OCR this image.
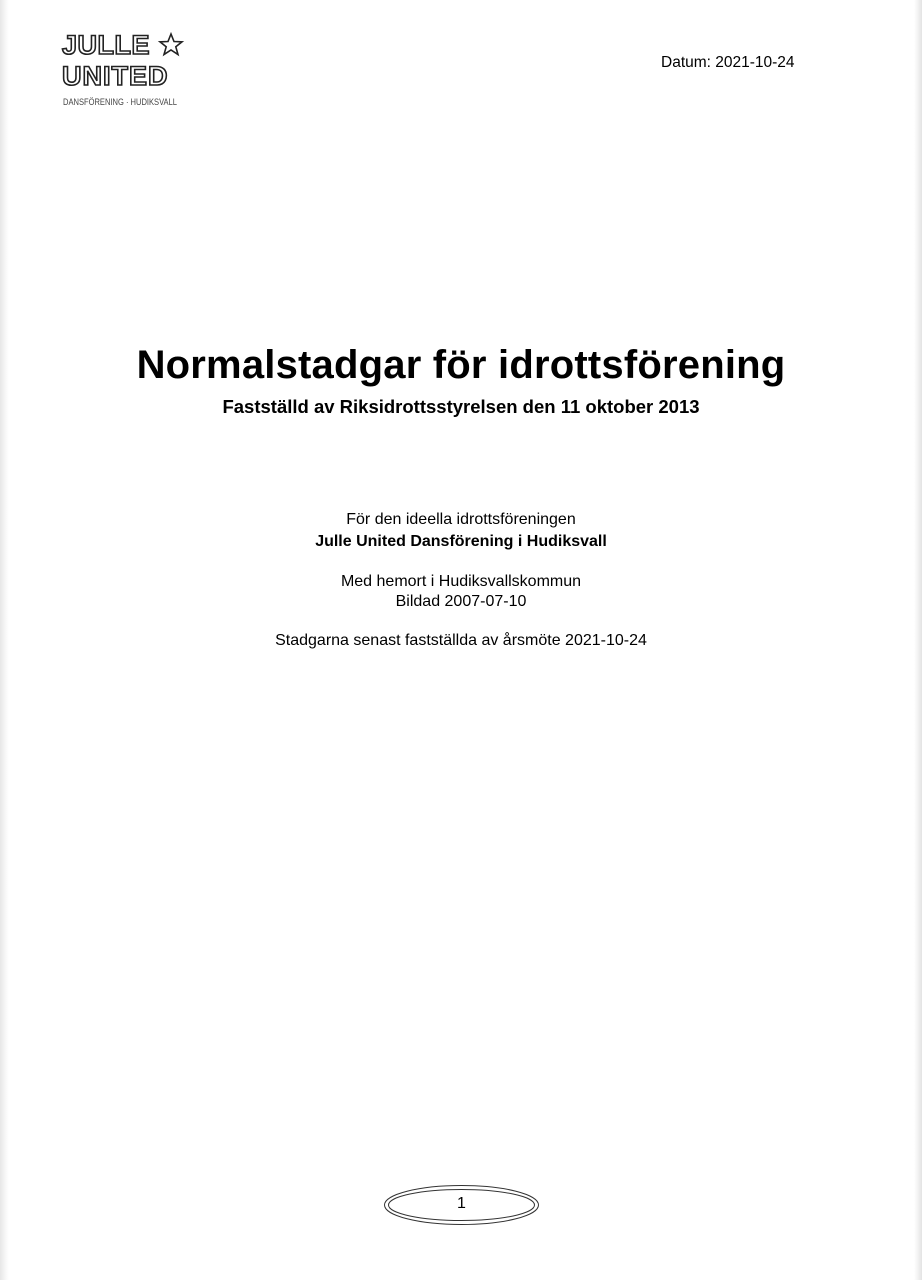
JULLE
UNITED
DANSFÖRENING · HUDIKSVALL
Datum: 2021-10-24
Normalstadgar för idrottsförening
Fastställd av Riksidrottsstyrelsen den 11 oktober 2013
För den ideella idrottsföreningen
Julle United Dansförening i Hudiksvall
Med hemort i Hudiksvallskommun
Bildad 2007-07-10
Stadgarna senast fastställda av årsmöte 2021-10-24
1
